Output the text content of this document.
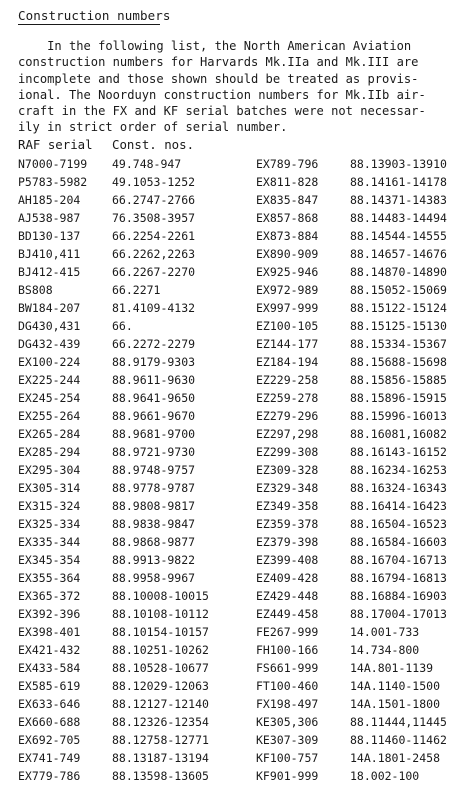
Construction numbers
In the following list, the North American Aviation
construction numbers for Harvards Mk.IIa and Mk.III are
incomplete and those shown should be treated as provis-
ional. The Noorduyn construction numbers for Mk.IIb air-
craft in the FX and KF serial batches were not necessar-
ily in strict order of serial number.
RAF serial Const. nos.
N7000-7199	49.748-947
P5783-5982	49.1053-1252
AH185-204	66.2747-2766
AJ538-987	76.3508-3957
BD130-137	66.2254-2261
BJ410,411	66.2262,2263
BJ412-415	66.2267-2270
BS808	66.2271
BW184-207	81.4109-4132
DG430,431	66.
DG432-439	66.2272-2279
EX100-224	88.9179-9303
EX225-244	88.9611-9630
EX245-254	88.9641-9650
EX255-264	88.9661-9670
EX265-284	88.9681-9700
EX285-294	88.9721-9730
EX295-304	88.9748-9757
EX305-314	88.9778-9787
EX315-324	88.9808-9817
EX325-334	88.9838-9847
EX335-344	88.9868-9877
EX345-354	88.9913-9822
EX355-364	88.9958-9967
EX365-372	88.10008-10015
EX392-396	88.10108-10112
EX398-401	88.10154-10157
EX421-432	88.10251-10262
EX433-584	88.10528-10677
EX585-619	88.12029-12063
EX633-646	88.12127-12140
EX660-688	88.12326-12354
EX692-705	88.12758-12771
EX741-749	88.13187-13194
EX779-786	88.13598-13605
EX789-796	88.13903-13910
EX811-828	88.14161-14178
EX835-847	88.14371-14383
EX857-868	88.14483-14494
EX873-884	88.14544-14555
EX890-909	88.14657-14676
EX925-946	88.14870-14890
EX972-989	88.15052-15069
EX997-999	88.15122-15124
EZ100-105	88.15125-15130
EZ144-177	88.15334-15367
EZ184-194	88.15688-15698
EZ229-258	88.15856-15885
EZ259-278	88.15896-15915
EZ279-296	88.15996-16013
EZ297,298	88.16081,16082
EZ299-308	88.16143-16152
EZ309-328	88.16234-16253
EZ329-348	88.16324-16343
EZ349-358	88.16414-16423
EZ359-378	88.16504-16523
EZ379-398	88.16584-16603
EZ399-408	88.16704-16713
EZ409-428	88.16794-16813
EZ429-448	88.16884-16903
EZ449-458	88.17004-17013
FE267-999	14.001-733
FH100-166	14.734-800
FS661-999	14A.801-1139
FT100-460	14A.1140-1500
FX198-497	14A.1501-1800
KE305,306	88.11444,11445
KE307-309	88.11460-11462
KF100-757	14A.1801-2458
KF901-999	18.002-100
